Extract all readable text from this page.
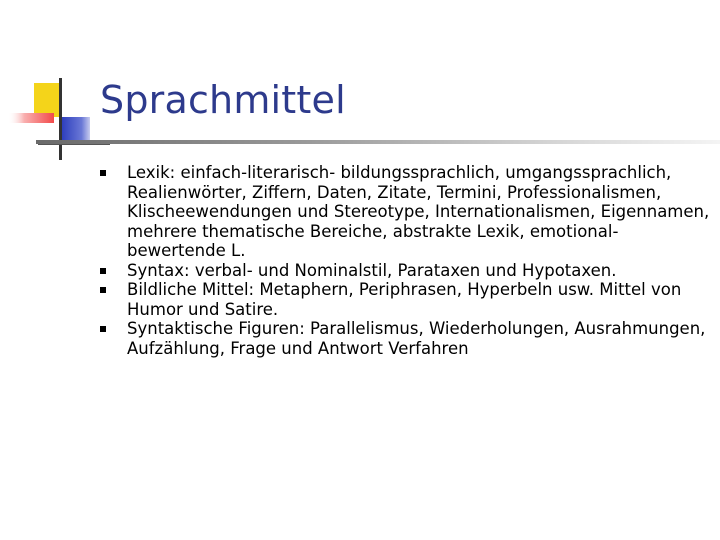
Sprachmittel
Lexik: einfach-literarisch- bildungssprachlich, umgangssprachlich, Realienwörter, Ziffern, Daten, Zitate, Termini, Professionalismen, Klischeewendungen und Stereotype, Internationalismen, Eigennamen, mehrere thematische Bereiche, abstrakte Lexik, emotional-bewertende L.
Syntax: verbal- und Nominalstil, Parataxen und Hypotaxen.
Bildliche Mittel: Metaphern, Periphrasen, Hyperbeln usw. Mittel von Humor und Satire.
Syntaktische Figuren: Parallelismus, Wiederholungen, Ausrahmungen, Aufzählung, Frage und Antwort Verfahren
